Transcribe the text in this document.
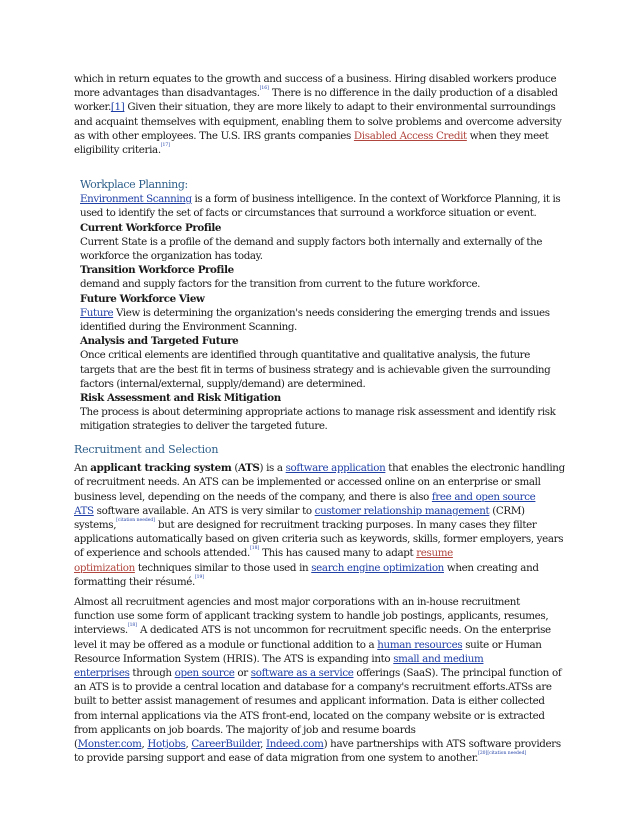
which in return equates to the growth and success of a business. Hiring disabled workers produce

more advantages than disadvantages.[16] There is no difference in the daily production of a disabled

worker.[1] Given their situation, they are more likely to adapt to their environmental surroundings

and acquaint themselves with equipment, enabling them to solve problems and overcome adversity

as with other employees. The U.S. IRS grants companies Disabled Access Credit when they meet

eligibility criteria.[17]

Workplace Planning:

Environment Scanning is a form of business intelligence. In the context of Workforce Planning, it is

used to identify the set of facts or circumstances that surround a workforce situation or event.

Current Workforce Profile

Current State is a profile of the demand and supply factors both internally and externally of the

workforce the organization has today.

Transition Workforce Profile

demand and supply factors for the transition from current to the future workforce.

Future Workforce View

Future View is determining the organization's needs considering the emerging trends and issues

identified during the Environment Scanning.

Analysis and Targeted Future

Once critical elements are identified through quantitative and qualitative analysis, the future

targets that are the best fit in terms of business strategy and is achievable given the surrounding

factors (internal/external, supply/demand) are determined.

Risk Assessment and Risk Mitigation

The process is about determining appropriate actions to manage risk assessment and identify risk

mitigation strategies to deliver the targeted future.

Recruitment and Selection

An applicant tracking system (ATS) is a software application that enables the electronic handling

of recruitment needs. An ATS can be implemented or accessed online on an enterprise or small

business level, depending on the needs of the company, and there is also free and open source

ATS software available. An ATS is very similar to customer relationship management (CRM)

systems,[citation needed] but are designed for recruitment tracking purposes. In many cases they filter

applications automatically based on given criteria such as keywords, skills, former employers, years

of experience and schools attended.[18] This has caused many to adapt resume

optimization techniques similar to those used in search engine optimization when creating and

formatting their résumé.[19]

Almost all recruitment agencies and most major corporations with an in-house recruitment

function use some form of applicant tracking system to handle job postings, applicants, resumes,

interviews.[18] A dedicated ATS is not uncommon for recruitment specific needs. On the enterprise

level it may be offered as a module or functional addition to a human resources suite or Human

Resource Information System (HRIS). The ATS is expanding into small and medium

enterprises through open source or software as a service offerings (SaaS). The principal function of

an ATS is to provide a central location and database for a company's recruitment efforts.ATSs are

built to better assist management of resumes and applicant information. Data is either collected

from internal applications via the ATS front-end, located on the company website or is extracted

from applicants on job boards. The majority of job and resume boards

(Monster.com, Hotjobs, CareerBuilder, Indeed.com) have partnerships with ATS software providers

to provide parsing support and ease of data migration from one system to another.[20][citation needed]
